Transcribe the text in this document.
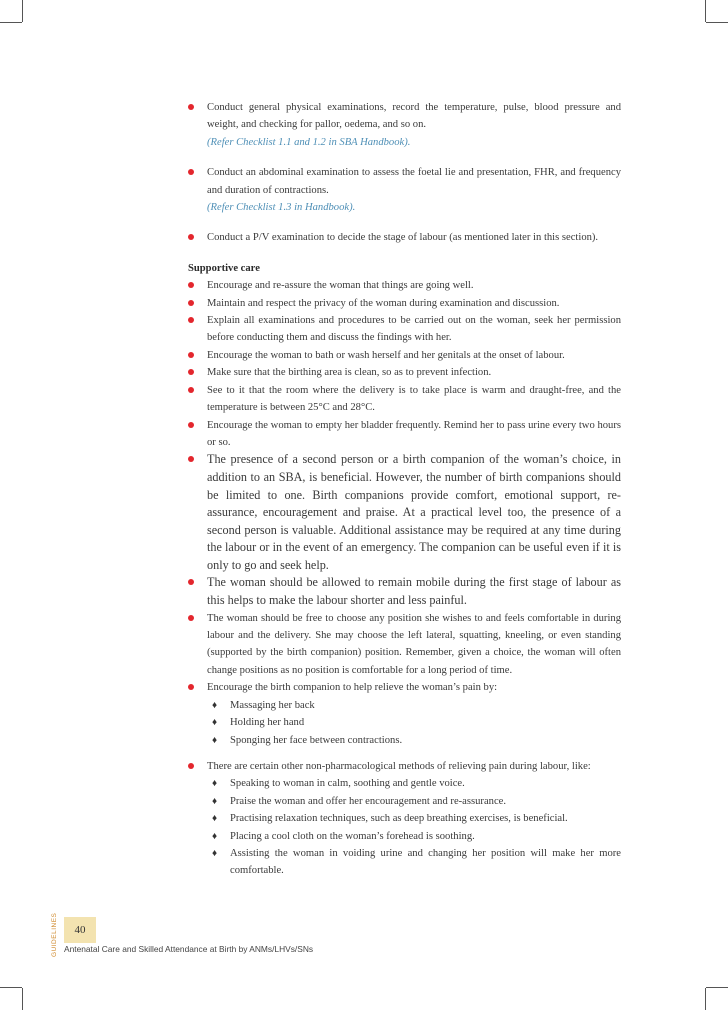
Conduct general physical examinations, record the temperature, pulse, blood pressure and weight, and checking for pallor, oedema, and so on.
(Refer Checklist 1.1 and 1.2 in SBA Handbook).
Conduct an abdominal examination to assess the foetal lie and presentation, FHR, and frequency and duration of contractions.
(Refer Checklist 1.3 in Handbook).
Conduct a P/V examination to decide the stage of labour (as mentioned later in this section).
Supportive care
Encourage and re-assure the woman that things are going well.
Maintain and respect the privacy of the woman during examination and discussion.
Explain all examinations and procedures to be carried out on the woman, seek her permission before conducting them and discuss the findings with her.
Encourage the woman to bath or wash herself and her genitals at the onset of labour.
Make sure that the birthing area is clean, so as to prevent infection.
See to it that the room where the delivery is to take place is warm and draught-free, and the temperature is between 25°C and 28°C.
Encourage the woman to empty her bladder frequently. Remind her to pass urine every two hours or so.
The presence of a second person or a birth companion of the woman’s choice, in addition to an SBA, is beneficial. However, the number of birth companions should be limited to one. Birth companions provide comfort, emotional support, re-assurance, encouragement and praise. At a practical level too, the presence of a second person is valuable. Additional assistance may be required at any time during the labour or in the event of an emergency. The companion can be useful even if it is only to go and seek help.
The woman should be allowed to remain mobile during the first stage of labour as this helps to make the labour shorter and less painful.
The woman should be free to choose any position she wishes to and feels comfortable in during labour and the delivery. She may choose the left lateral, squatting, kneeling, or even standing (supported by the birth companion) position. Remember, given a choice, the woman will often change positions as no position is comfortable for a long period of time.
Encourage the birth companion to help relieve the woman’s pain by:
♦ Massaging her back
♦ Holding her hand
♦ Sponging her face between contractions.
There are certain other non-pharmacological methods of relieving pain during labour, like:
♦ Speaking to woman in calm, soothing and gentle voice.
♦ Praise the woman and offer her encouragement and re-assurance.
♦ Practising relaxation techniques, such as deep breathing exercises, is beneficial.
♦ Placing a cool cloth on the woman’s forehead is soothing.
♦ Assisting the woman in voiding urine and changing her position will make her more comfortable.
GUIDELINES	40
Antenatal Care and Skilled Attendance at Birth by ANMs/LHVs/SNs
